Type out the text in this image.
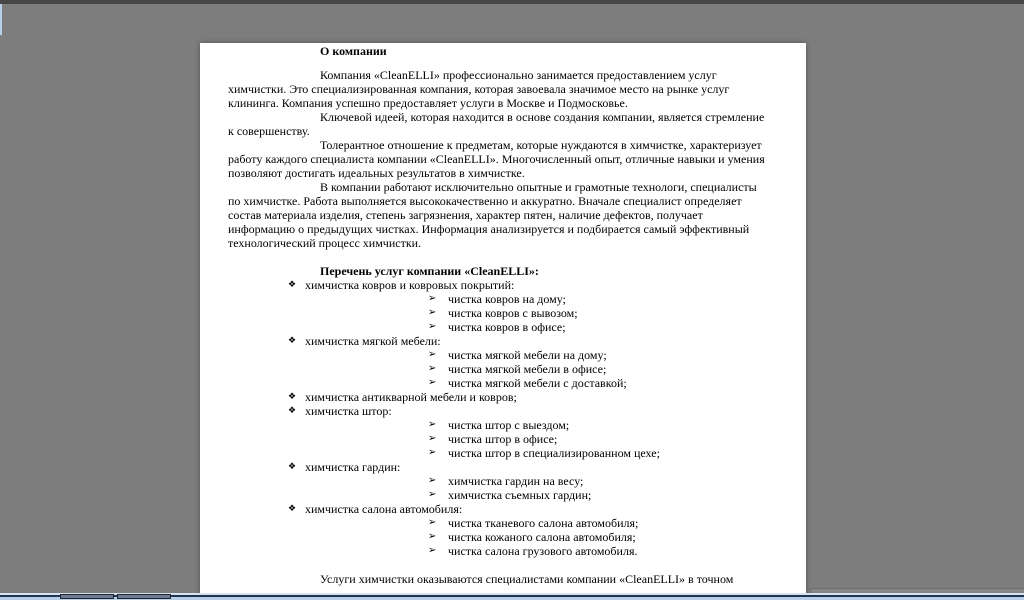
О компании

Компания «CleanELLI» профессионально занимается предоставлением услуг химчистки. Это специализированная компания, которая завоевала значимое место на рынке услуг клининга. Компания успешно предоставляет услуги в Москве и Подмосковье.

Ключевой идеей, которая находится в основе создания компании, является стремление к совершенству.

Толерантное отношение к предметам, которые нуждаются в химчистке, характеризует работу каждого специалиста компании «CleanELLI». Многочисленный опыт, отличные навыки и умения позволяют достигать идеальных результатов в химчистке.

В компании работают исключительно опытные и грамотные технологи, специалисты по химчистке. Работа выполняется высококачественно и аккуратно. Вначале специалист определяет состав материала изделия, степень загрязнения, характер пятен, наличие дефектов, получает информацию о предыдущих чистках. Информация анализируется и подбирается самый эффективный технологический процесс химчистки.

Перечень услуг компании «CleanELLI»:

❖ химчистка ковров и ковровых покрытий:
➢ чистка ковров на дому;
➢ чистка ковров с вывозом;
➢ чистка ковров в офисе;
❖ химчистка мягкой мебели:
➢ чистка мягкой мебели на дому;
➢ чистка мягкой мебели в офисе;
➢ чистка мягкой мебели с доставкой;
❖ химчистка антикварной мебели и ковров;
❖ химчистка штор:
➢ чистка штор с выездом;
➢ чистка штор в офисе;
➢ чистка штор в специализированном цехе;
❖ химчистка гардин:
➢ химчистка гардин на весу;
➢ химчистка съемных гардин;
❖ химчистка салона автомобиля:
➢ чистка тканевого салона автомобиля;
➢ чистка кожаного салона автомобиля;
➢ чистка салона грузового автомобиля.

Услуги химчистки оказываются специалистами компании «CleanELLI» в точном
